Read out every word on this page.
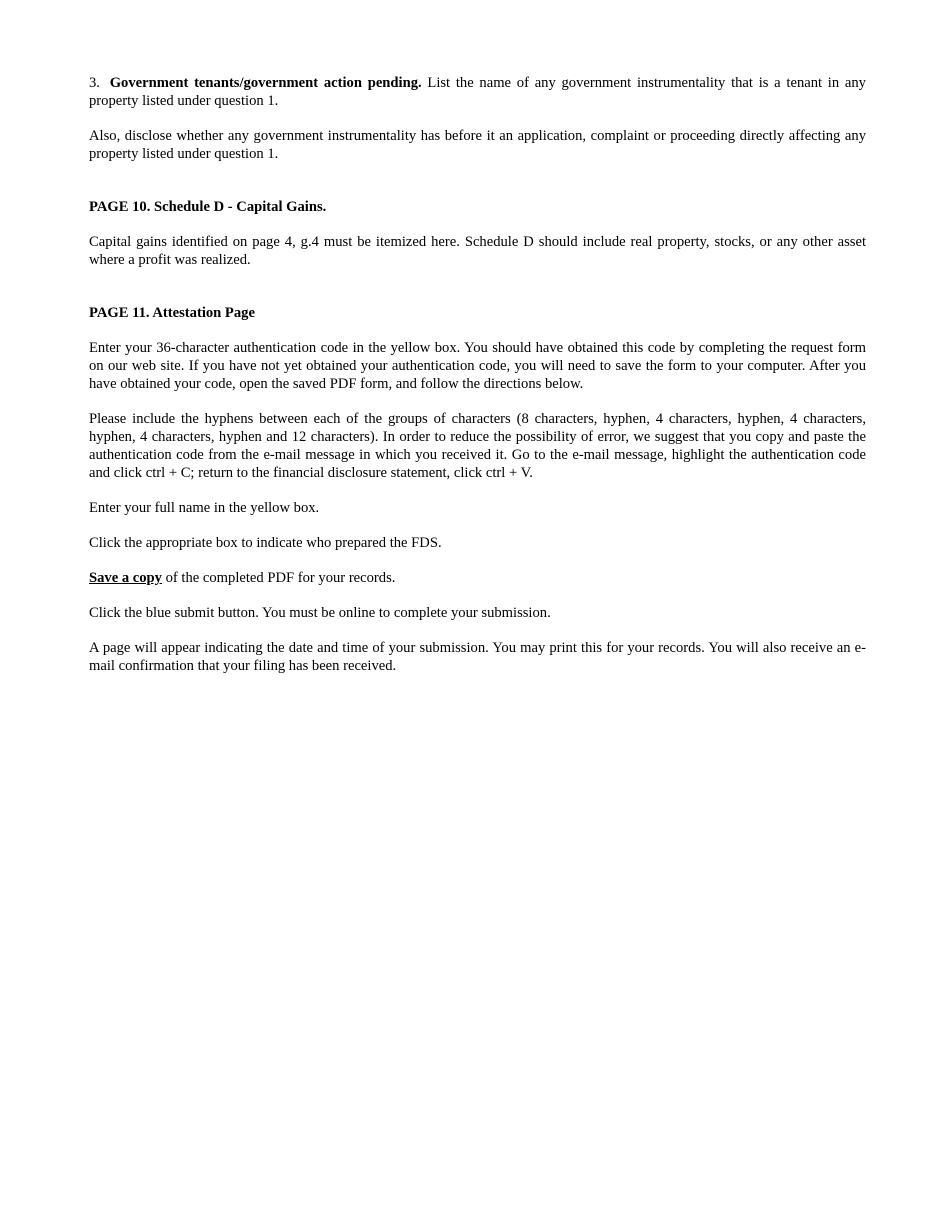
3. Government tenants/government action pending. List the name of any government instrumentality that is a tenant in any property listed under question 1.

Also, disclose whether any government instrumentality has before it an application, complaint or proceeding directly affecting any property listed under question 1.

PAGE 10. Schedule D - Capital Gains.

Capital gains identified on page 4, g.4 must be itemized here. Schedule D should include real property, stocks, or any other asset where a profit was realized.

PAGE 11. Attestation Page

Enter your 36-character authentication code in the yellow box. You should have obtained this code by completing the request form on our web site. If you have not yet obtained your authentication code, you will need to save the form to your computer. After you have obtained your code, open the saved PDF form, and follow the directions below.

Please include the hyphens between each of the groups of characters (8 characters, hyphen, 4 characters, hyphen, 4 characters, hyphen, 4 characters, hyphen and 12 characters). In order to reduce the possibility of error, we suggest that you copy and paste the authentication code from the e-mail message in which you received it. Go to the e-mail message, highlight the authentication code and click ctrl + C; return to the financial disclosure statement, click ctrl + V.

Enter your full name in the yellow box.

Click the appropriate box to indicate who prepared the FDS.

Save a copy of the completed PDF for your records.

Click the blue submit button. You must be online to complete your submission.

A page will appear indicating the date and time of your submission. You may print this for your records. You will also receive an e-mail confirmation that your filing has been received.
